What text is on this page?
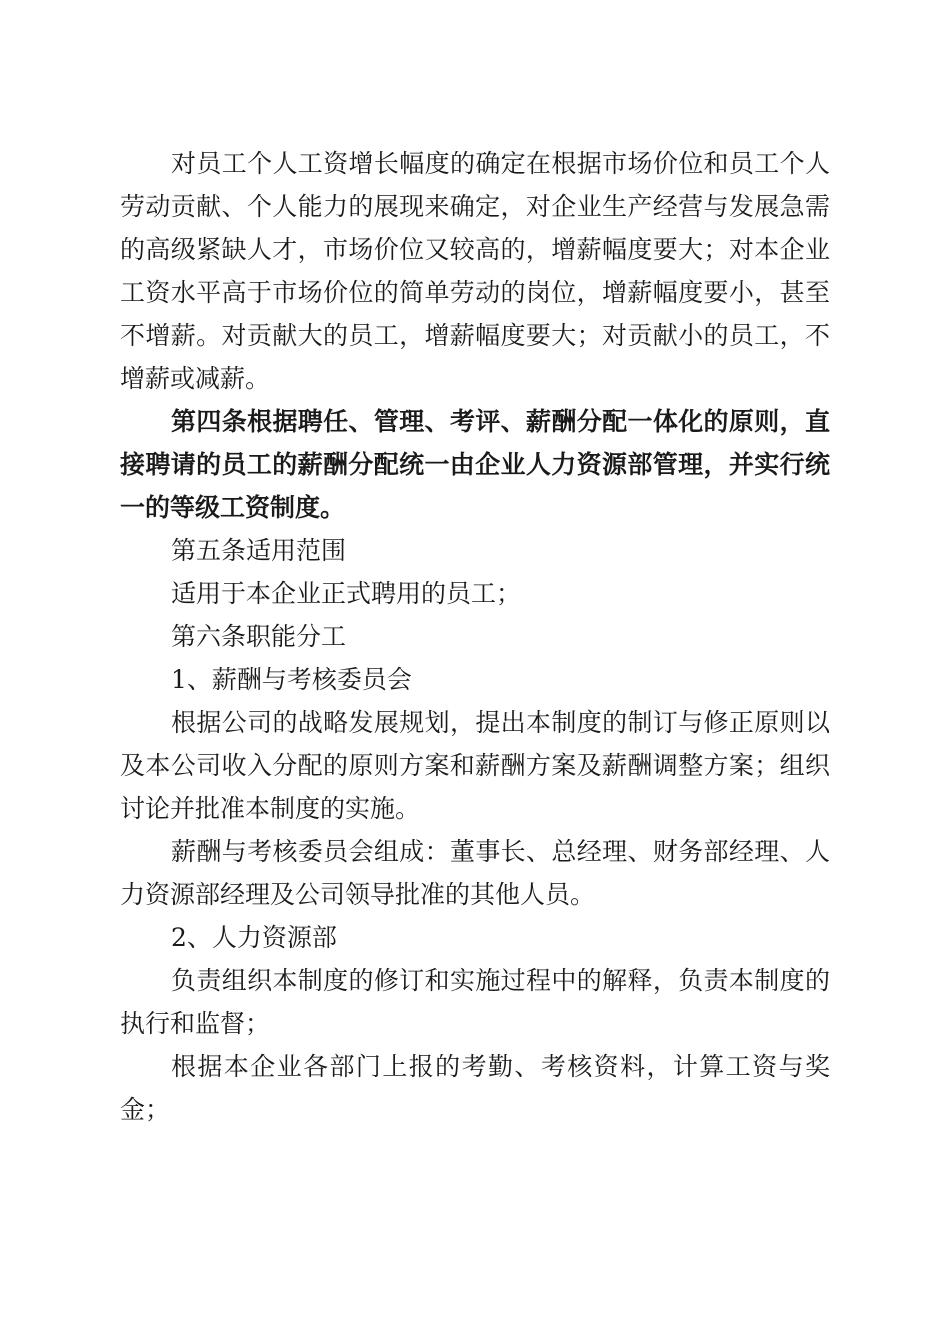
对员工个人工资增长幅度的确定在根据市场价位和员工个人劳动贡献、个人能力的展现来确定，对企业生产经营与发展急需的高级紧缺人才，市场价位又较高的，增薪幅度要大；对本企业工资水平高于市场价位的简单劳动的岗位，增薪幅度要小，甚至不增薪。对贡献大的员工，增薪幅度要大；对贡献小的员工，不增薪或减薪。

第四条根据聘任、管理、考评、薪酬分配一体化的原则，直接聘请的员工的薪酬分配统一由企业人力资源部管理，并实行统一的等级工资制度。

第五条适用范围

适用于本企业正式聘用的员工；

第六条职能分工

1、薪酬与考核委员会

根据公司的战略发展规划，提出本制度的制订与修正原则以及本公司收入分配的原则方案和薪酬方案及薪酬调整方案；组织讨论并批准本制度的实施。

薪酬与考核委员会组成：董事长、总经理、财务部经理、人力资源部经理及公司领导批准的其他人员。

2、人力资源部

负责组织本制度的修订和实施过程中的解释，负责本制度的执行和监督；

根据本企业各部门上报的考勤、考核资料，计算工资与奖金；
